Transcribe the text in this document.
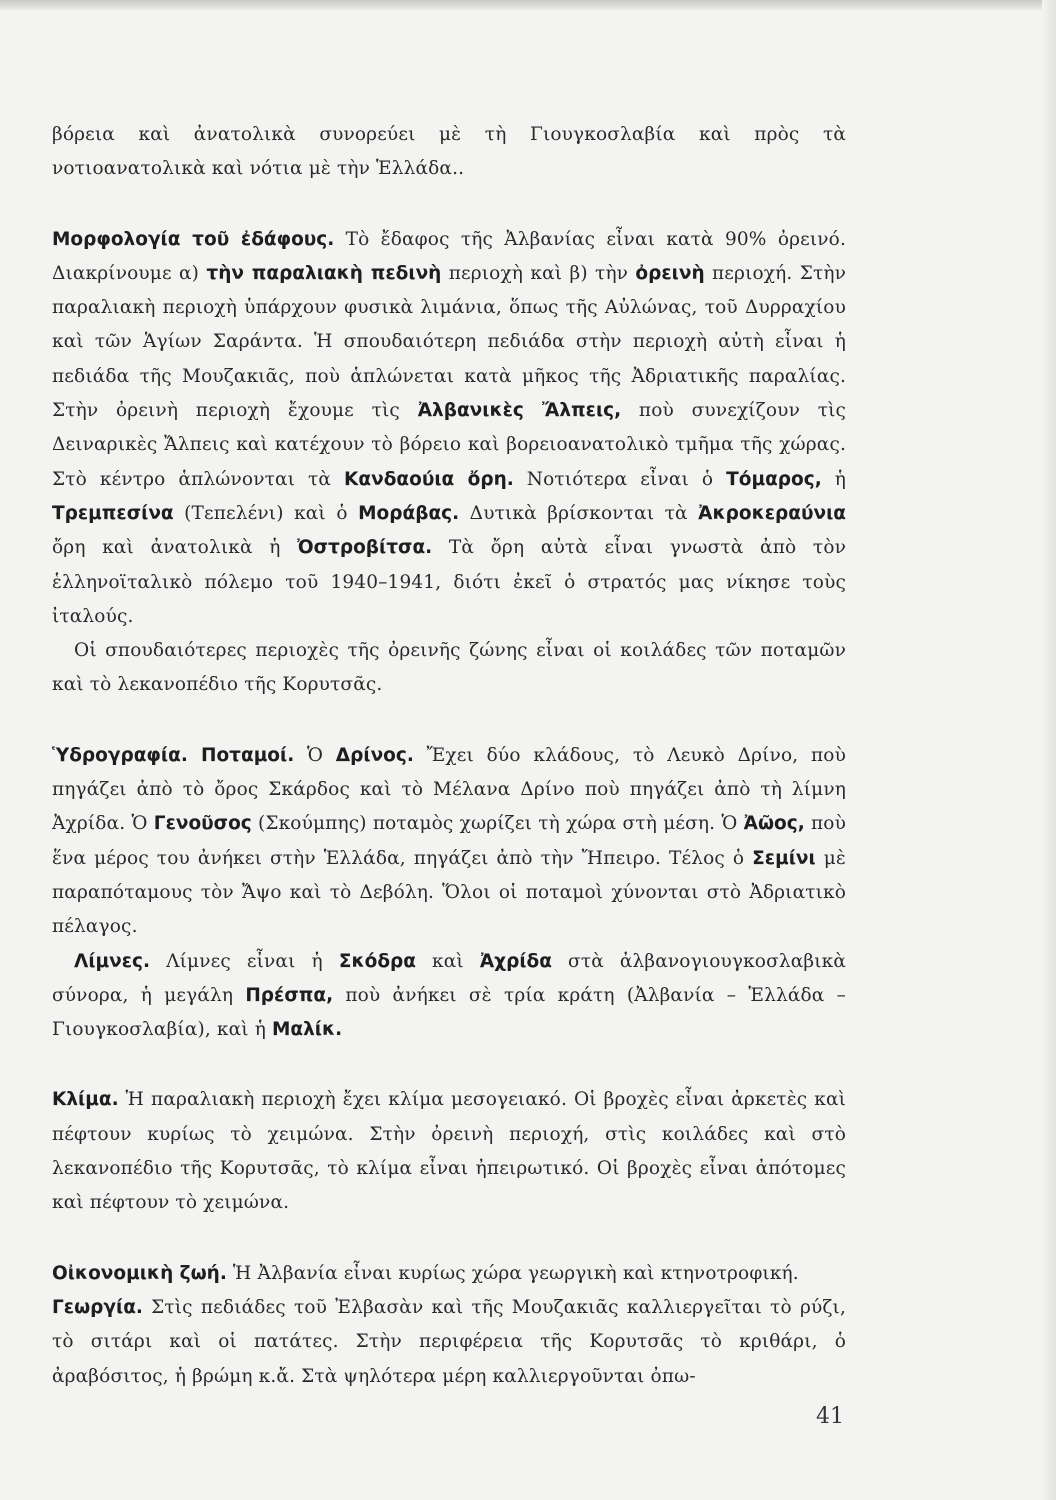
βόρεια καὶ ἀνατολικὰ συνορεύει μὲ τὴ Γιουγκοσλαβία καὶ πρὸς τὰ νοτιοανατολικὰ καὶ νότια μὲ τὴν Ἑλλάδα..

Μορφολογία τοῦ ἐδάφους. Τὸ ἔδαφος τῆς Ἀλβανίας εἶναι κατὰ 90% ὀρεινό. Διακρίνουμε α) τὴν παραλιακὴ πεδινὴ περιοχὴ καὶ β) τὴν ὀρεινὴ περιοχή. Στὴν παραλιακὴ περιοχὴ ὑπάρχουν φυσικὰ λιμάνια, ὅπως τῆς Αὐλώνας, τοῦ Δυρραχίου καὶ τῶν Ἁγίων Σαράντα. Ἡ σπουδαιότερη πεδιάδα στὴν περιοχὴ αὐτὴ εἶναι ἡ πεδιάδα τῆς Μουζακιᾶς, ποὺ ἁπλώνεται κατὰ μῆκος τῆς Ἀδριατικῆς παραλίας. Στὴν ὀρεινὴ περιοχὴ ἔχουμε τὶς Ἀλβανικὲς Ἄλπεις, ποὺ συνεχίζουν τὶς Δειναρικὲς Ἄλπεις καὶ κατέχουν τὸ βόρειο καὶ βορειοανατολικὸ τμῆμα τῆς χώρας. Στὸ κέντρο ἁπλώνονται τὰ Κανδαούια ὄρη. Νοτιότερα εἶναι ὁ Τόμαρος, ἡ Τρεμπεσίνα (Τεπελένι) καὶ ὁ Μοράβας. Δυτικὰ βρίσκονται τὰ Ἀκροκεραύνια ὄρη καὶ ἀνατολικὰ ἡ Ὀστροβίτσα. Τὰ ὄρη αὐτὰ εἶναι γνωστὰ ἀπὸ τὸν ἑλληνοϊταλικὸ πόλεμο τοῦ 1940–1941, διότι ἐκεῖ ὁ στρατός μας νίκησε τοὺς ἰταλούς.

Οἱ σπουδαιότερες περιοχὲς τῆς ὀρεινῆς ζώνης εἶναι οἱ κοιλάδες τῶν ποταμῶν καὶ τὸ λεκανοπέδιο τῆς Κορυτσᾶς.

Ὑδρογραφία. Ποταμοί. Ὁ Δρίνος. Ἔχει δύο κλάδους, τὸ Λευκὸ Δρίνο, ποὺ πηγάζει ἀπὸ τὸ ὄρος Σκάρδος καὶ τὸ Μέλανα Δρίνο ποὺ πηγάζει ἀπὸ τὴ λίμνη Ἀχρίδα. Ὁ Γενοῦσος (Σκούμπης) ποταμὸς χωρίζει τὴ χώρα στὴ μέση. Ὁ Ἀῶος, ποὺ ἕνα μέρος του ἀνήκει στὴν Ἑλλάδα, πηγάζει ἀπὸ τὴν Ἤπειρο. Τέλος ὁ Σεμίνι μὲ παραπόταμους τὸν Ἄψο καὶ τὸ Δεβόλη. Ὅλοι οἱ ποταμοὶ χύνονται στὸ Ἀδριατικὸ πέλαγος.

Λίμνες. Λίμνες εἶναι ἡ Σκόδρα καὶ Ἀχρίδα στὰ ἀλβανογιουγκοσλαβικὰ σύνορα, ἡ μεγάλη Πρέσπα, ποὺ ἀνήκει σὲ τρία κράτη (Ἀλβανία – Ἑλλάδα – Γιουγκοσλαβία), καὶ ἡ Μαλίκ.

Κλίμα. Ἡ παραλιακὴ περιοχὴ ἔχει κλίμα μεσογειακό. Οἱ βροχὲς εἶναι ἀρκετὲς καὶ πέφτουν κυρίως τὸ χειμώνα. Στὴν ὀρεινὴ περιοχή, στὶς κοιλάδες καὶ στὸ λεκανοπέδιο τῆς Κορυτσᾶς, τὸ κλίμα εἶναι ἠπειρωτικό. Οἱ βροχὲς εἶναι ἀπότομες καὶ πέφτουν τὸ χειμώνα.

Οἰκονομικὴ ζωή. Ἡ Ἀλβανία εἶναι κυρίως χώρα γεωργικὴ καὶ κτηνοτροφική.

Γεωργία. Στὶς πεδιάδες τοῦ Ἐλβασὰν καὶ τῆς Μουζακιᾶς καλλιεργεῖται τὸ ρύζι, τὸ σιτάρι καὶ οἱ πατάτες. Στὴν περιφέρεια τῆς Κορυτσᾶς τὸ κριθάρι, ὁ ἀραβόσιτος, ἡ βρώμη κ.ἄ. Στὰ ψηλότερα μέρη καλλιεργοῦνται ὀπω-

41
